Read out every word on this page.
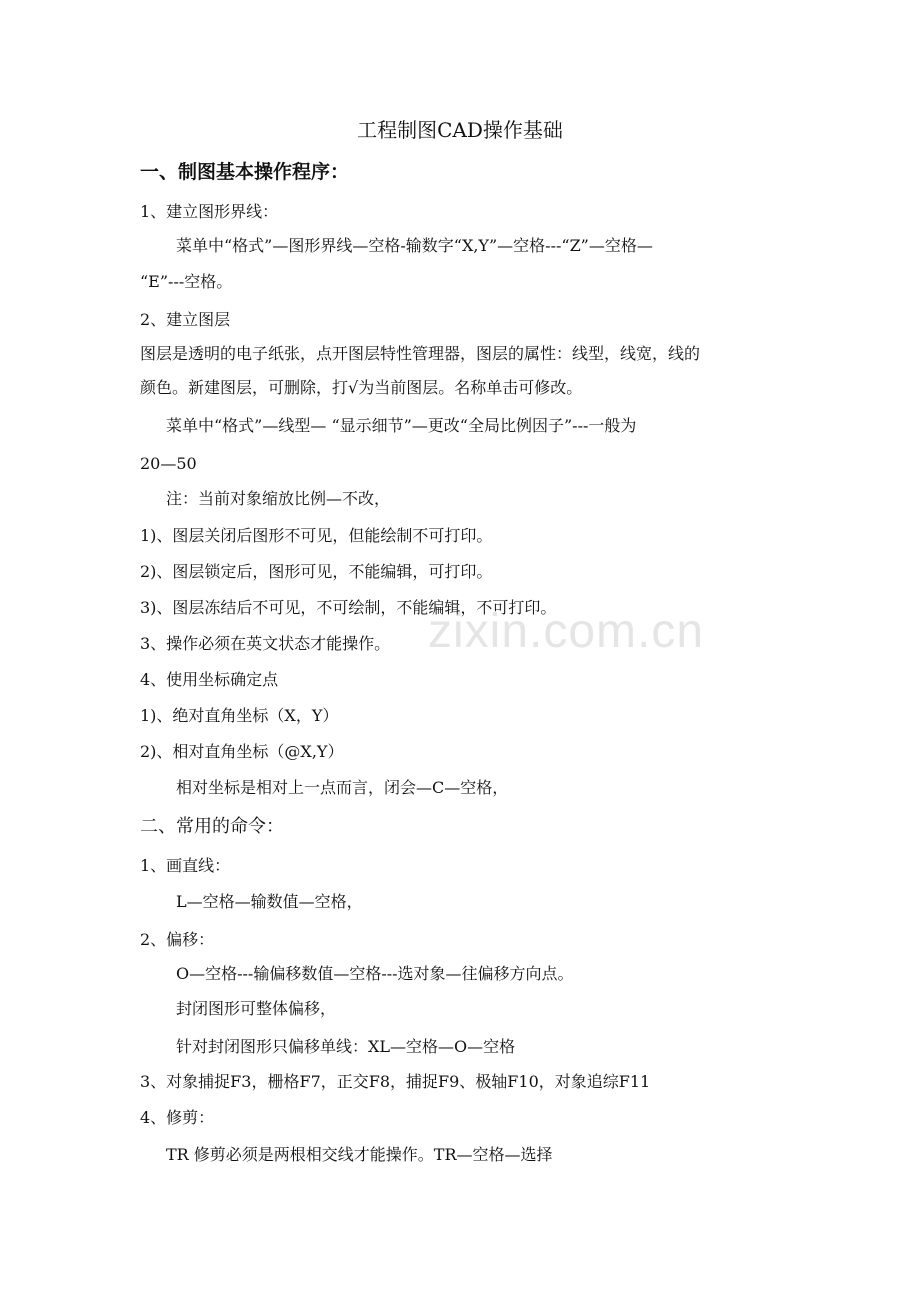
工程制图CAD操作基础
一、制图基本操作程序：
1、建立图形界线：
菜单中“格式”—图形界线—空格-输数字“X,Y”—空格---“Z”—空格—
“E”---空格。
2、建立图层
图层是透明的电子纸张，点开图层特性管理器，图层的属性：线型，线宽，线的
颜色。新建图层，可删除，打√为当前图层。名称单击可修改。
菜单中“格式”—线型— “显示细节”—更改“全局比例因子”---一般为
20—50
注：当前对象缩放比例—不改，
1)、图层关闭后图形不可见，但能绘制不可打印。
2)、图层锁定后，图形可见，不能编辑，可打印。
3)、图层冻结后不可见，不可绘制，不能编辑，不可打印。
3、操作必须在英文状态才能操作。
4、使用坐标确定点
1)、绝对直角坐标（X，Y）
2)、相对直角坐标（@X,Y）
相对坐标是相对上一点而言，闭会—C—空格，
二、常用的命令：
1、画直线：
L—空格—输数值—空格，
2、偏移：
O—空格---输偏移数值—空格---选对象—往偏移方向点。
封闭图形可整体偏移，
针对封闭图形只偏移单线：XL—空格—O—空格
3、对象捕捉F3，栅格F7，正交F8，捕捉F9、极轴F10，对象追综F11
4、修剪：
TR 修剪必须是两根相交线才能操作。TR—空格—选择
zixin.com.cn
